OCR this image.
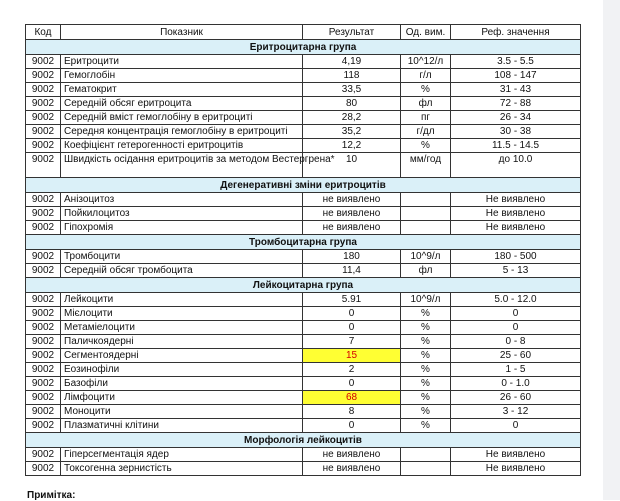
Код	Показник	Результат	Од. вим.	Реф. значення
Еритроцитарна група				
9002	Еритроцити	4,19	10^12/л	3.5 - 5.5
9002	Гемоглобін	118	г/л	108 - 147
9002	Гематокрит	33,5	%	31 - 43
9002	Середній обсяг еритроцита	80	фл	72 - 88
9002	Середній вміст гемоглобіну в еритроциті	28,2	пг	26 - 34
9002	Середня концентрація гемоглобіну в еритроциті	35,2	г/дл	30 - 38
9002	Коефіцієнт гетерогенності еритроцитів	12,2	%	11.5 - 14.5
9002	Швидкість осідання еритроцитів за методом Вестергрена*	10	мм/год	до 10.0
Дегенеративні зміни еритроцитів				
9002	Анізоцитоз	не виявлено		Не виявлено
9002	Пойкилоцитоз	не виявлено		Не виявлено
9002	Гіпохромія	не виявлено		Не виявлено
Тромбоцитарна група				
9002	Тромбоцити	180	10^9/л	180 - 500
9002	Середній обсяг тромбоцита	11,4	фл	5 - 13
Лейкоцитарна група				
9002	Лейкоцити	5.91	10^9/л	5.0 - 12.0
9002	Мієлоцити	0	%	0
9002	Метаміелоцити	0	%	0
9002	Паличкоядерні	7	%	0 - 8
9002	Сегментоядерні	15	%	25 - 60
9002	Еозинофіли	2	%	1 - 5
9002	Базофіли	0	%	0 - 1.0
9002	Лімфоцити	68	%	26 - 60
9002	Моноцити	8	%	3 - 12
9002	Плазматичні клітини	0	%	0
Морфологія лейкоцитів				
9002	Гіперсегментація ядер	не виявлено		Не виявлено
9002	Токсогенна зернистість	не виявлено		Не виявлено
Примітка:
